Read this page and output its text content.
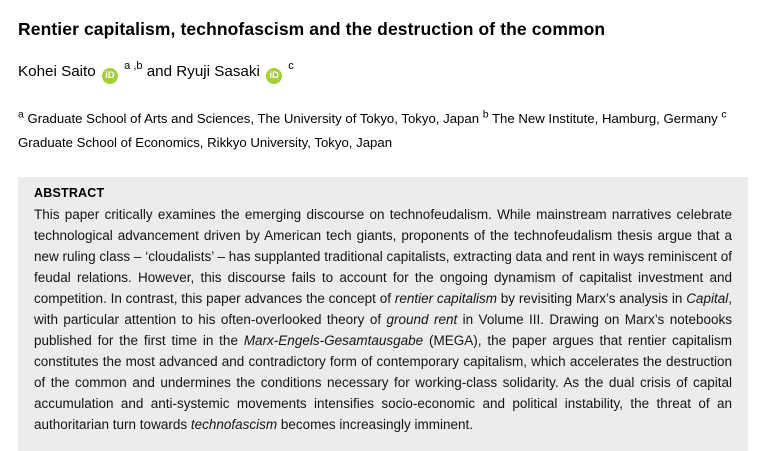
Rentier capitalism, technofascism and the destruction of the common
Kohei Saito iD $^{a ,b}$ and Ryuji Sasaki iD $^c$
$^a$ Graduate School of Arts and Sciences, The University of Tokyo, Tokyo, Japan $^b$ The New Institute, Hamburg, Germany $^c$ Graduate School of Economics, Rikkyo University, Tokyo, Japan

ABSTRACT

This paper critically examines the emerging discourse on technofeudalism. While mainstream narratives celebrate technological advancement driven by American tech giants, proponents of the technofeudalism thesis argue that a new ruling class – ‘cloudalists’ – has supplanted traditional capitalists, extracting data and rent in ways reminiscent of feudal relations. However, this discourse fails to account for the ongoing dynamism of capitalist investment and competition. In contrast, this paper advances the concept of rentier capitalism by revisiting Marx’s analysis in Capital, with particular attention to his often-overlooked theory of ground rent in Volume III. Drawing on Marx’s notebooks published for the first time in the Marx-Engels-Gesamtausgabe (MEGA), the paper argues that rentier capitalism constitutes the most advanced and contradictory form of contemporary capitalism, which accelerates the destruction of the common and undermines the conditions necessary for working-class solidarity. As the dual crisis of capital accumulation and anti-systemic movements intensifies socio-economic and political instability, the threat of an authoritarian turn towards technofascism becomes increasingly imminent.
